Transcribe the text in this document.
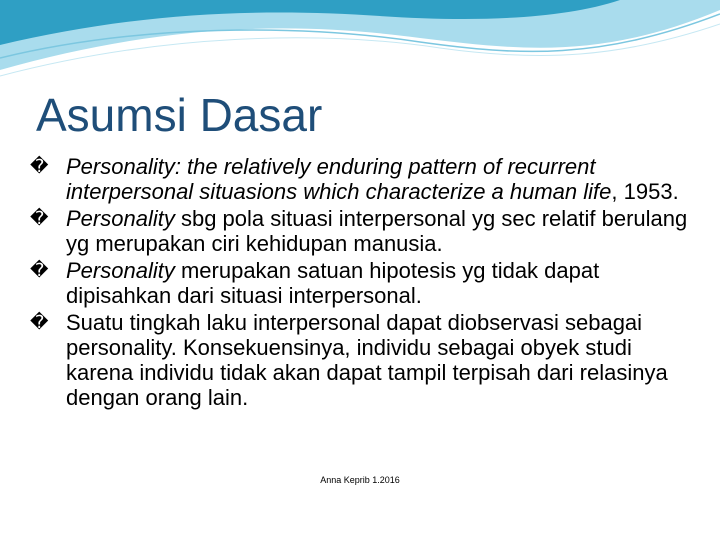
Asumsi Dasar
� Personality: the relatively enduring pattern of recurrent interpersonal situasions which characterize a human life, 1953.
� Personality sbg pola situasi interpersonal yg sec relatif berulang yg merupakan ciri kehidupan manusia.
� Personality merupakan satuan hipotesis yg tidak dapat dipisahkan dari situasi interpersonal.
� Suatu tingkah laku interpersonal dapat diobservasi sebagai personality. Konsekuensinya, individu sebagai obyek studi karena individu tidak akan dapat tampil terpisah dari relasinya dengan orang lain.
Anna Keprib 1.2016
